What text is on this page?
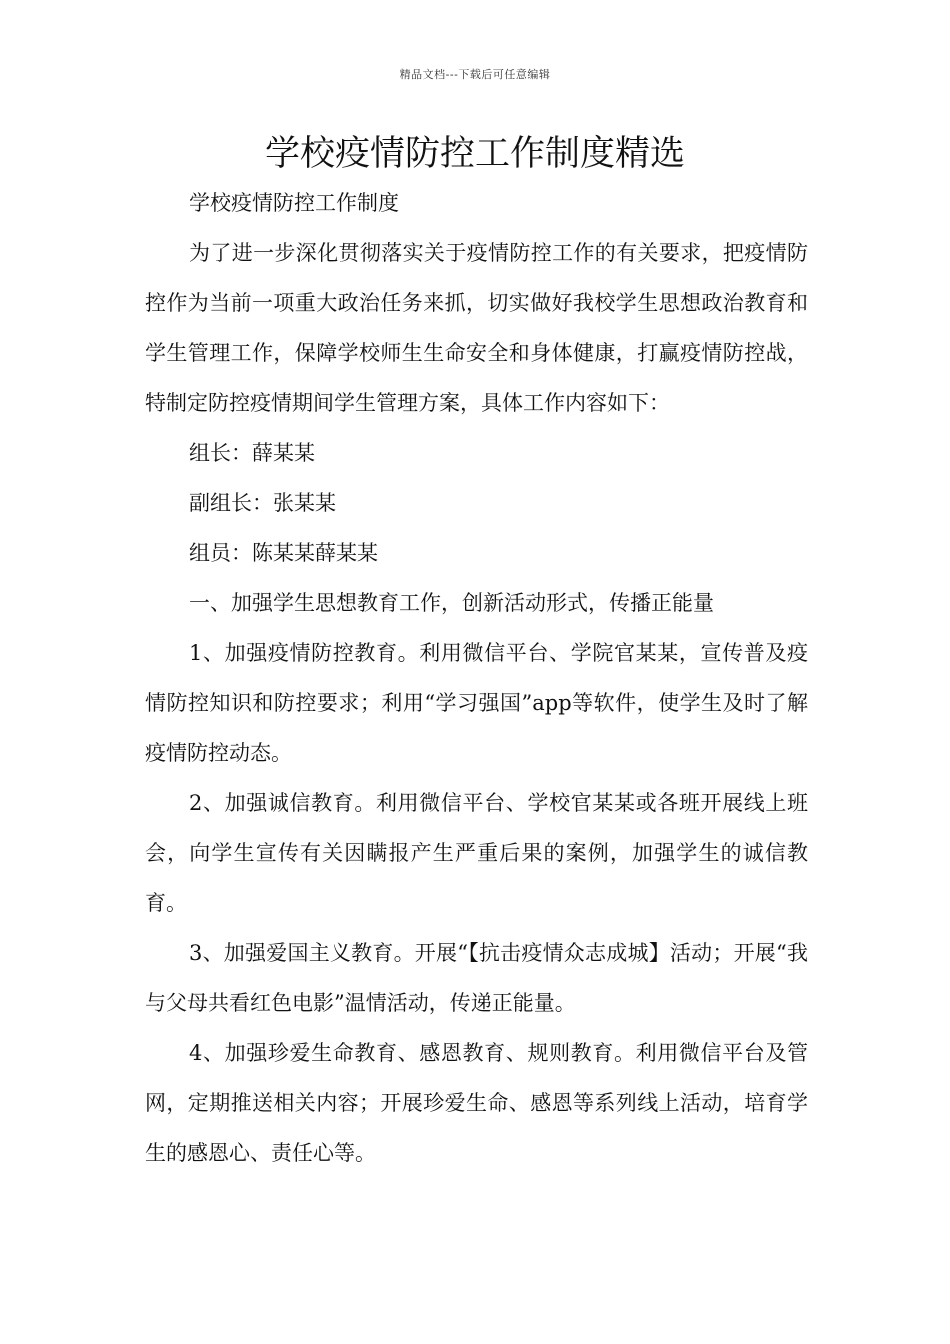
精品文档---下载后可任意编辑
学校疫情防控工作制度精选

学校疫情防控工作制度

为了进一步深化贯彻落实关于疫情防控工作的有关要求，把疫情防控作为当前一项重大政治任务来抓，切实做好我校学生思想政治教育和学生管理工作，保障学校师生生命安全和身体健康，打赢疫情防控战，特制定防控疫情期间学生管理方案，具体工作内容如下：

组长：薛某某

副组长：张某某

组员：陈某某薛某某

一、加强学生思想教育工作，创新活动形式，传播正能量

1、加强疫情防控教育。利用微信平台、学院官某某，宣传普及疫情防控知识和防控要求；利用“学习强国”app等软件，使学生及时了解疫情防控动态。

2、加强诚信教育。利用微信平台、学校官某某或各班开展线上班会，向学生宣传有关因瞒报产生严重后果的案例，加强学生的诚信教育。

3、加强爱国主义教育。开展“【抗击疫情众志成城】活动；开展“我与父母共看红色电影”温情活动，传递正能量。

4、加强珍爱生命教育、感恩教育、规则教育。利用微信平台及管网，定期推送相关内容；开展珍爱生命、感恩等系列线上活动，培育学生的感恩心、责任心等。
